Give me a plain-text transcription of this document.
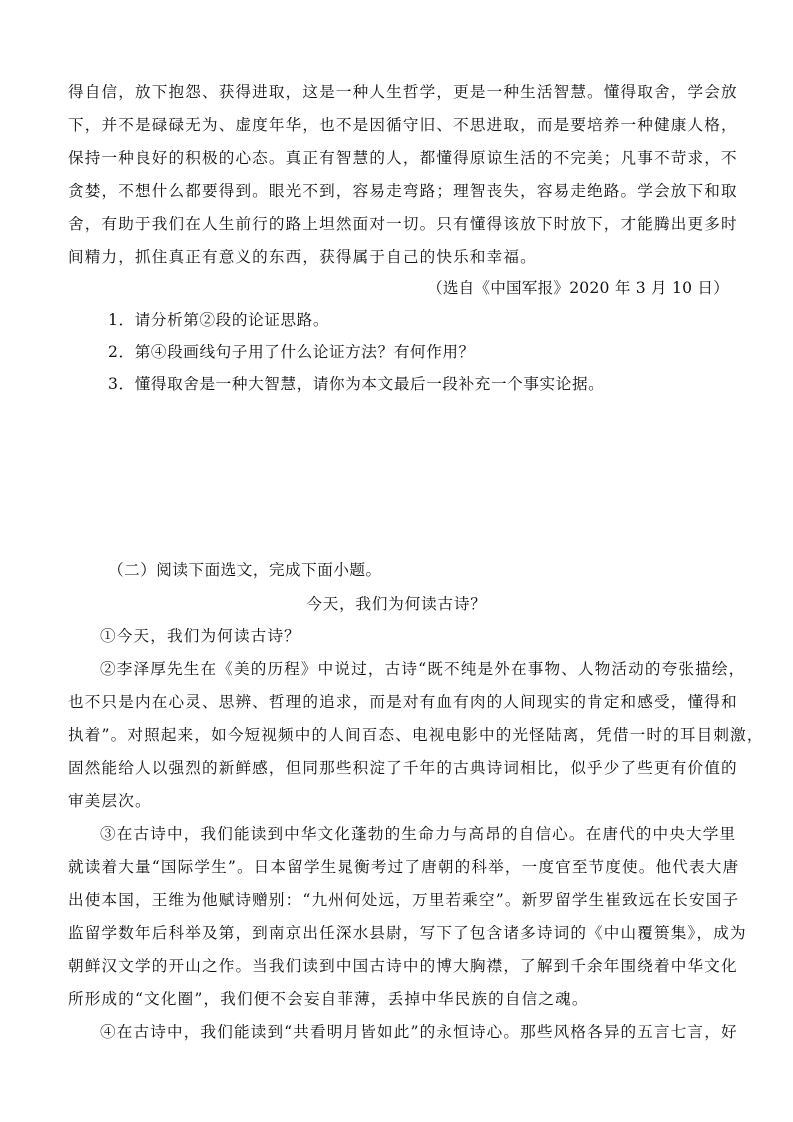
得自信，放下抱怨、获得进取，这是一种人生哲学，更是一种生活智慧。懂得取舍，学会放
下，并不是碌碌无为、虚度年华，也不是因循守旧、不思进取，而是要培养一种健康人格，
保持一种良好的积极的心态。真正有智慧的人，都懂得原谅生活的不完美；凡事不苛求，不
贪婪，不想什么都要得到。眼光不到，容易走弯路；理智丧失，容易走绝路。学会放下和取
舍，有助于我们在人生前行的路上坦然面对一切。只有懂得该放下时放下，才能腾出更多时
间精力，抓住真正有意义的东西，获得属于自己的快乐和幸福。
（选自《中国军报》2020 年 3 月 10 日）
1．请分析第②段的论证思路。
2．第④段画线句子用了什么论证方法？有何作用？
3．懂得取舍是一种大智慧，请你为本文最后一段补充一个事实论据。
（二）阅读下面选文，完成下面小题。
今天，我们为何读古诗？
①今天，我们为何读古诗？
②李泽厚先生在《美的历程》中说过，古诗“既不纯是外在事物、人物活动的夸张描绘，
也不只是内在心灵、思辨、哲理的追求，而是对有血有肉的人间现实的肯定和感受，懂得和
执着”。对照起来，如今短视频中的人间百态、电视电影中的光怪陆离，凭借一时的耳目刺激，
固然能给人以强烈的新鲜感，但同那些积淀了千年的古典诗词相比，似乎少了些更有价值的
审美层次。
③在古诗中，我们能读到中华文化蓬勃的生命力与高昂的自信心。在唐代的中央大学里
就读着大量“国际学生”。日本留学生晁衡考过了唐朝的科举，一度官至节度使。他代表大唐
出使本国，王维为他赋诗赠别：“九州何处远，万里若乘空”。新罗留学生崔致远在长安国子
监留学数年后科举及第，到南京出任深水县尉，写下了包含诸多诗词的《中山覆篑集》，成为
朝鲜汉文学的开山之作。当我们读到中国古诗中的博大胸襟，了解到千余年围绕着中华文化
所形成的“文化圈”，我们便不会妄自菲薄，丢掉中华民族的自信之魂。
④在古诗中，我们能读到“共看明月皆如此”的永恒诗心。那些风格各异的五言七言，好
